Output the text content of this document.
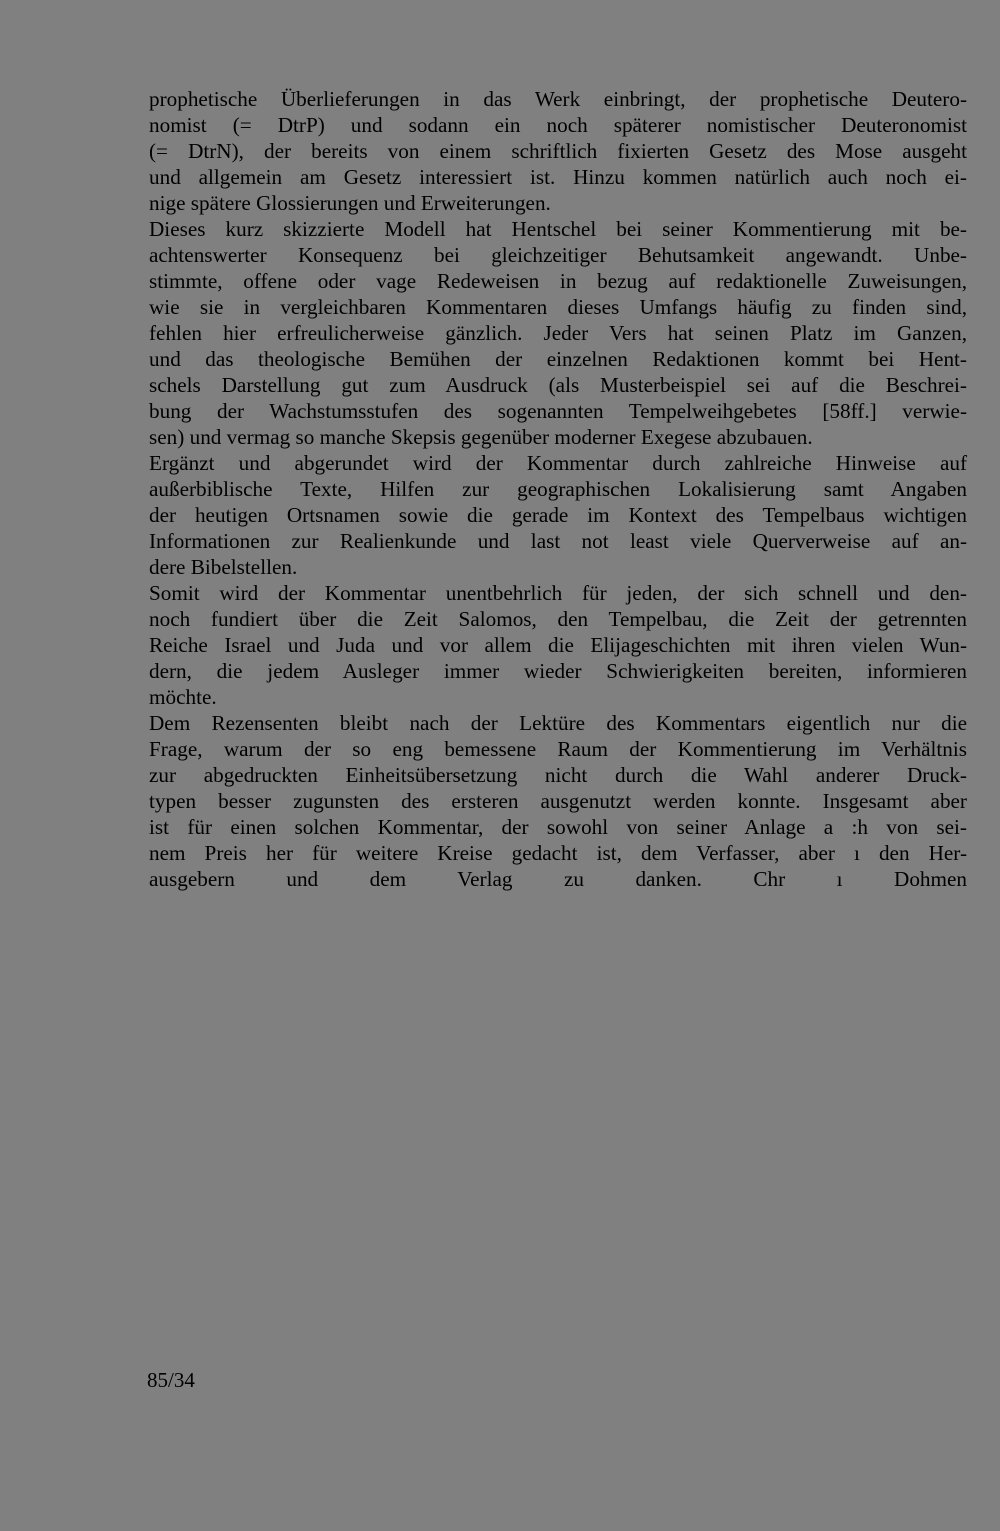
prophetische Überlieferungen in das Werk einbringt, der prophetische Deutero-
nomist (= DtrP) und sodann ein noch späterer nomistischer Deuteronomist
(= DtrN), der bereits von einem schriftlich fixierten Gesetz des Mose ausgeht
und allgemein am Gesetz interessiert ist. Hinzu kommen natürlich auch noch ei-
nige spätere Glossierungen und Erweiterungen.
Dieses kurz skizzierte Modell hat Hentschel bei seiner Kommentierung mit be-
achtenswerter Konsequenz bei gleichzeitiger Behutsamkeit angewandt. Unbe-
stimmte, offene oder vage Redeweisen in bezug auf redaktionelle Zuweisungen,
wie sie in vergleichbaren Kommentaren dieses Umfangs häufig zu finden sind,
fehlen hier erfreulicherweise gänzlich. Jeder Vers hat seinen Platz im Ganzen,
und das theologische Bemühen der einzelnen Redaktionen kommt bei Hent-
schels Darstellung gut zum Ausdruck (als Musterbeispiel sei auf die Beschrei-
bung der Wachstumsstufen des sogenannten Tempelweihgebetes [58ff.] verwie-
sen) und vermag so manche Skepsis gegenüber moderner Exegese abzubauen.
Ergänzt und abgerundet wird der Kommentar durch zahlreiche Hinweise auf
außerbiblische Texte, Hilfen zur geographischen Lokalisierung samt Angaben
der heutigen Ortsnamen sowie die gerade im Kontext des Tempelbaus wichtigen
Informationen zur Realienkunde und last not least viele Querverweise auf an-
dere Bibelstellen.
Somit wird der Kommentar unentbehrlich für jeden, der sich schnell und den-
noch fundiert über die Zeit Salomos, den Tempelbau, die Zeit der getrennten
Reiche Israel und Juda und vor allem die Elijageschichten mit ihren vielen Wun-
dern, die jedem Ausleger immer wieder Schwierigkeiten bereiten, informieren
möchte.
Dem Rezensenten bleibt nach der Lektüre des Kommentars eigentlich nur die
Frage, warum der so eng bemessene Raum der Kommentierung im Verhältnis
zur abgedruckten Einheitsübersetzung nicht durch die Wahl anderer Druck-
typen besser zugunsten des ersteren ausgenutzt werden konnte. Insgesamt aber
ist für einen solchen Kommentar, der sowohl von seiner Anlage a :h von sei-
nem Preis her für weitere Kreise gedacht ist, dem Verfasser, aber ı den Her-
ausgebern und dem Verlag zu danken. Chr ı Dohmen
85/34
